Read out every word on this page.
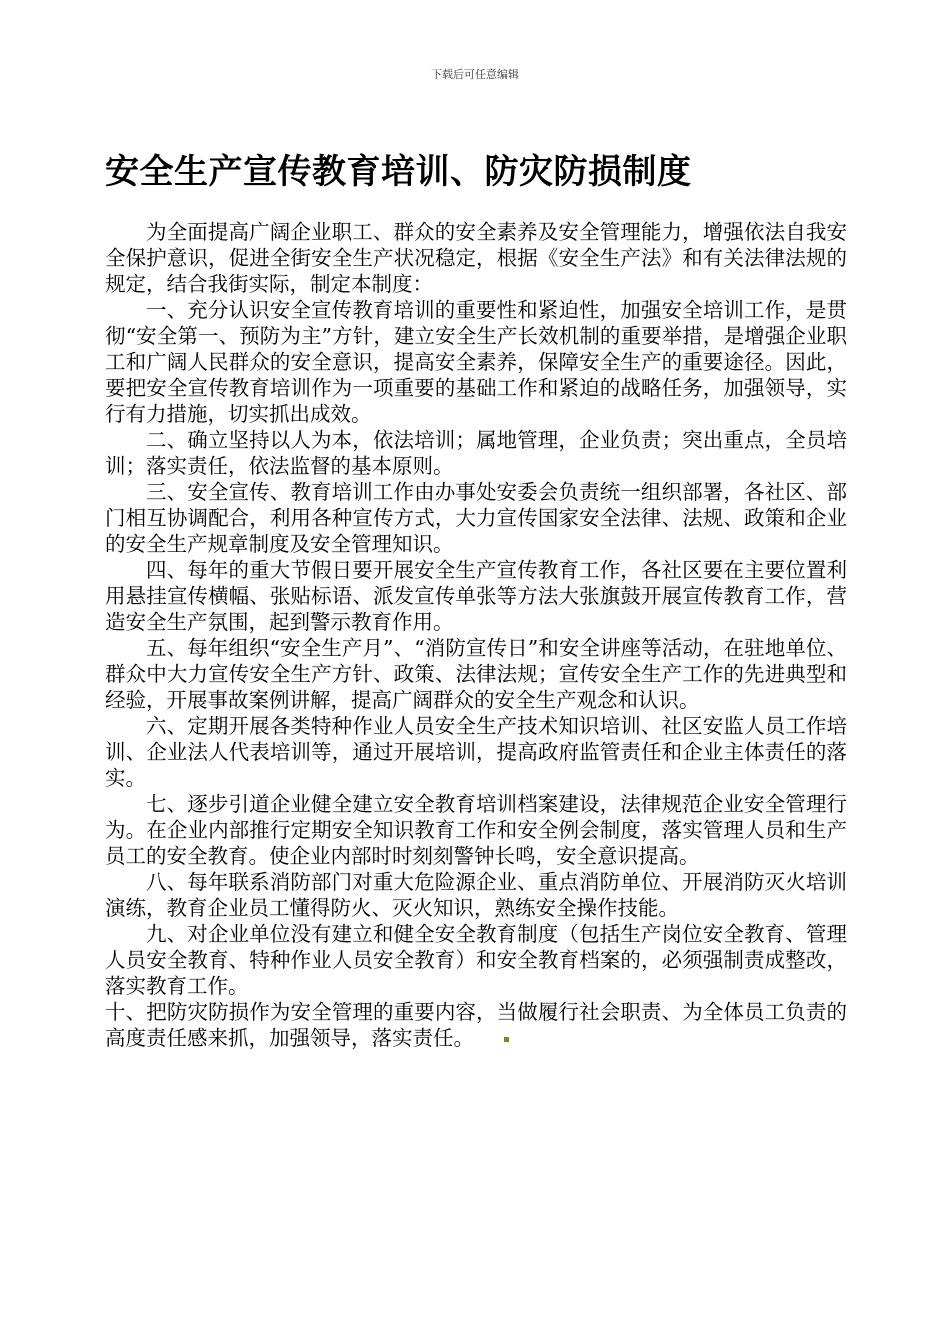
下载后可任意编辑
安全生产宣传教育培训、防灾防损制度

为全面提高广阔企业职工、群众的安全素养及安全管理能力，增强依法自我安全保护意识，促进全街安全生产状况稳定，根据《安全生产法》和有关法律法规的规定，结合我街实际，制定本制度：

一、充分认识安全宣传教育培训的重要性和紧迫性，加强安全培训工作，是贯彻“安全第一、预防为主”方针，建立安全生产长效机制的重要举措，是增强企业职工和广阔人民群众的安全意识，提高安全素养，保障安全生产的重要途径。因此，要把安全宣传教育培训作为一项重要的基础工作和紧迫的战略任务，加强领导，实行有力措施，切实抓出成效。

二、确立坚持以人为本，依法培训；属地管理，企业负责；突出重点，全员培训；落实责任，依法监督的基本原则。

三、安全宣传、教育培训工作由办事处安委会负责统一组织部署，各社区、部门相互协调配合，利用各种宣传方式，大力宣传国家安全法律、法规、政策和企业的安全生产规章制度及安全管理知识。

四、每年的重大节假日要开展安全生产宣传教育工作，各社区要在主要位置利用悬挂宣传横幅、张贴标语、派发宣传单张等方法大张旗鼓开展宣传教育工作，营造安全生产氛围，起到警示教育作用。

五、每年组织“安全生产月”、“消防宣传日”和安全讲座等活动，在驻地单位、群众中大力宣传安全生产方针、政策、法律法规；宣传安全生产工作的先进典型和经验，开展事故案例讲解，提高广阔群众的安全生产观念和认识。

六、定期开展各类特种作业人员安全生产技术知识培训、社区安监人员工作培训、企业法人代表培训等，通过开展培训，提高政府监管责任和企业主体责任的落实。

七、逐步引道企业健全建立安全教育培训档案建设，法律规范企业安全管理行为。在企业内部推行定期安全知识教育工作和安全例会制度，落实管理人员和生产员工的安全教育。使企业内部时时刻刻警钟长鸣，安全意识提高。

八、每年联系消防部门对重大危险源企业、重点消防单位、开展消防灭火培训演练，教育企业员工懂得防火、灭火知识，熟练安全操作技能。

九、对企业单位没有建立和健全安全教育制度（包括生产岗位安全教育、管理人员安全教育、特种作业人员安全教育）和安全教育档案的，必须强制责成整改，落实教育工作。

十、把防灾防损作为安全管理的重要内容，当做履行社会职责、为全体员工负责的高度责任感来抓，加强领导，落实责任。
